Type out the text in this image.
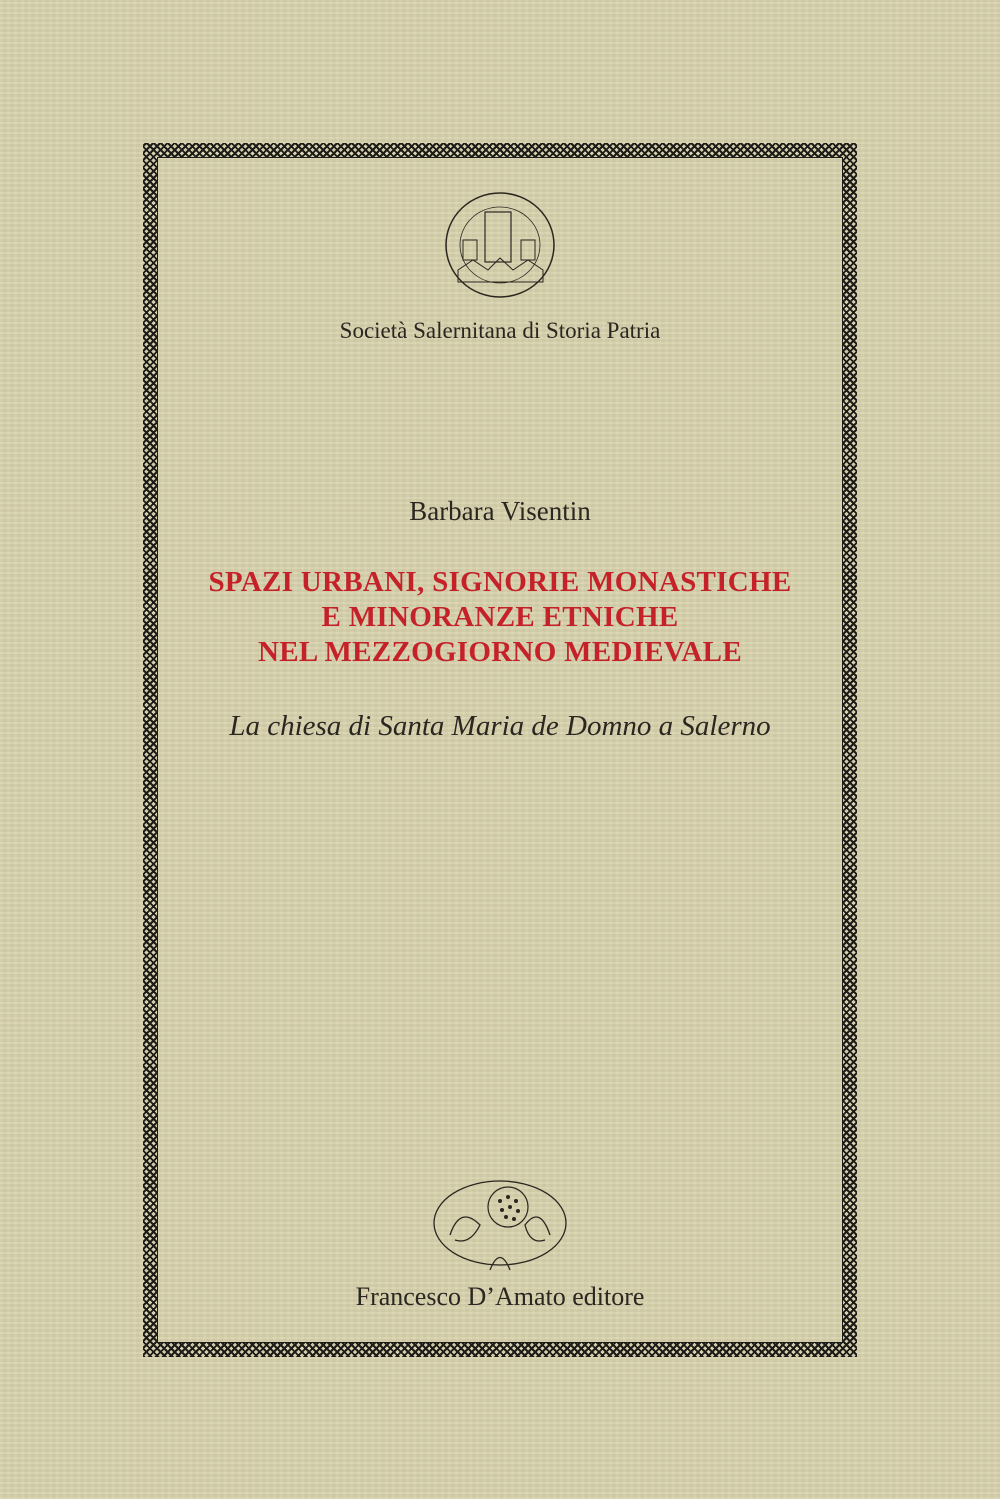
Società Salernitana di Storia Patria
Barbara Visentin
SPAZI URBANI, SIGNORIE MONASTICHE
E MINORANZE ETNICHE
NEL MEZZOGIORNO MEDIEVALE
La chiesa di Santa Maria de Domno a Salerno
Francesco D’Amato editore
